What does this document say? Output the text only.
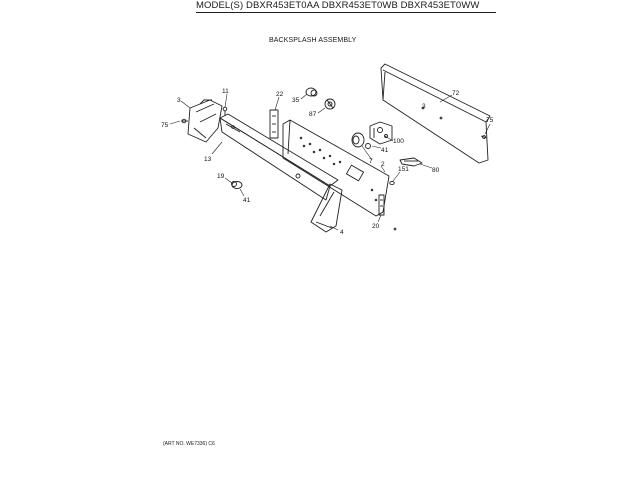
MODEL(S) DBXR453ET0AA DBXR453ET0WB DBXR453ET0WW
BACKSPLASH ASSEMBLY
3
75
11
13
22
35
87
2
41
100
7
72
3
75
80
151
19
41
4
20
(ART NO. WE7336) C6
